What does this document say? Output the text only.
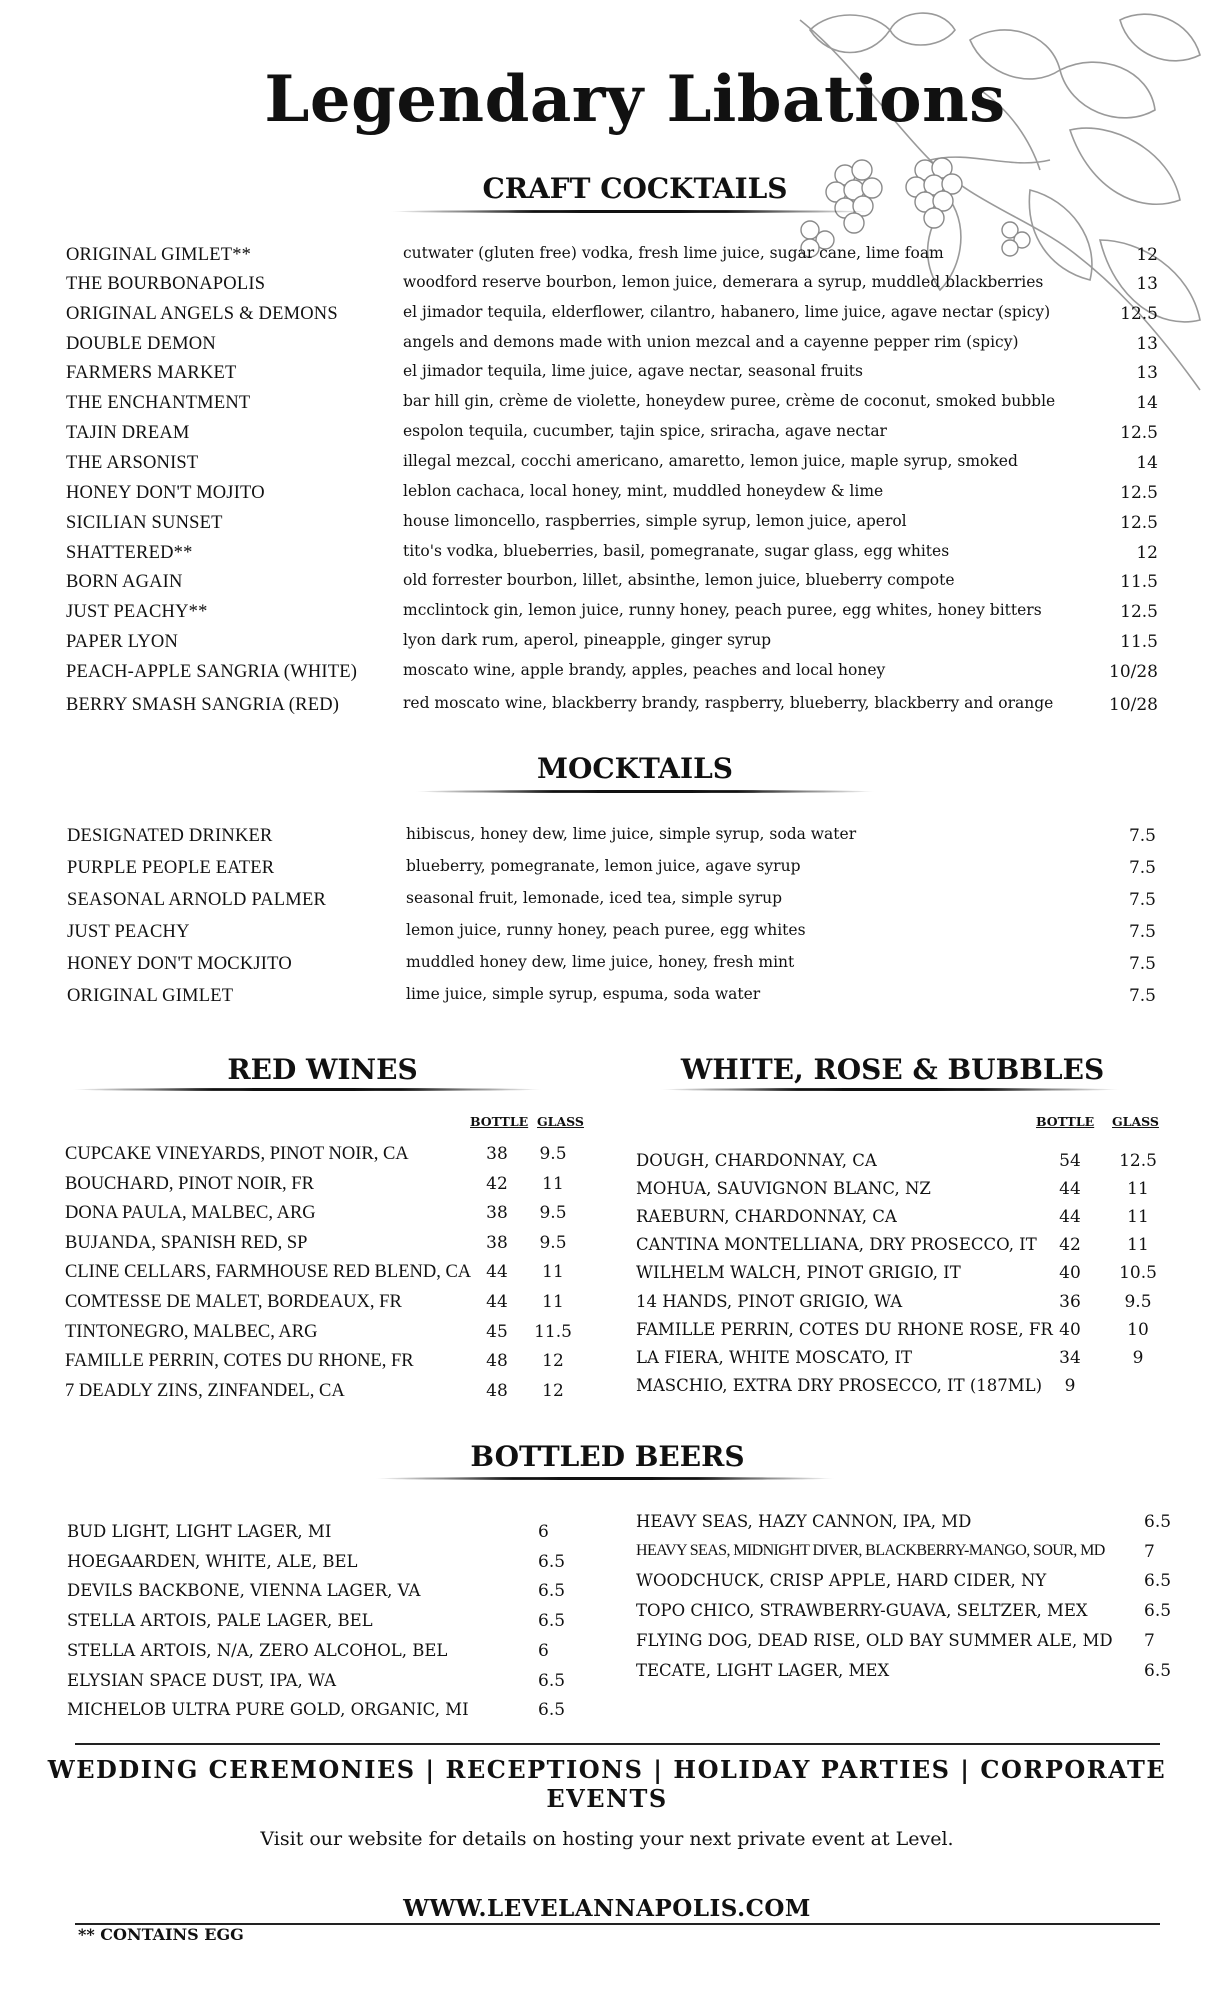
Legendary Libations
CRAFT COCKTAILS
ORIGINAL GIMLET**	cutwater (gluten free) vodka, fresh lime juice, sugar cane, lime foam	12
THE BOURBONAPOLIS	woodford reserve bourbon, lemon juice, demerara a syrup, muddled blackberries	13
ORIGINAL ANGELS & DEMONS	el jimador tequila, elderflower, cilantro, habanero, lime juice, agave nectar (spicy)	12.5
DOUBLE DEMON	angels and demons made with union mezcal and a cayenne pepper rim (spicy)	13
FARMERS MARKET	el jimador tequila, lime juice, agave nectar, seasonal fruits	13
THE ENCHANTMENT	bar hill gin, crème de violette, honeydew puree, crème de coconut, smoked bubble	14
TAJIN DREAM	espolon tequila, cucumber, tajin spice, sriracha, agave nectar	12.5
THE ARSONIST	illegal mezcal, cocchi americano, amaretto, lemon juice, maple syrup, smoked	14
HONEY DON'T MOJITO	leblon cachaca, local honey, mint, muddled honeydew & lime	12.5
SICILIAN SUNSET	house limoncello, raspberries, simple syrup, lemon juice, aperol	12.5
SHATTERED**	tito's vodka, blueberries, basil, pomegranate, sugar glass, egg whites	12
BORN AGAIN	old forrester bourbon, lillet, absinthe, lemon juice, blueberry compote	11.5
JUST PEACHY**	mcclintock gin, lemon juice, runny honey, peach puree, egg whites, honey bitters	12.5
PAPER LYON	lyon dark rum, aperol, pineapple, ginger syrup	11.5
PEACH-APPLE SANGRIA (WHITE)	moscato wine, apple brandy, apples, peaches and local honey	10/28
BERRY SMASH SANGRIA (RED)	red moscato wine, blackberry brandy, raspberry, blueberry, blackberry and orange	10/28
MOCKTAILS
DESIGNATED DRINKER	hibiscus, honey dew, lime juice, simple syrup, soda water	7.5
PURPLE PEOPLE EATER	blueberry, pomegranate, lemon juice, agave syrup	7.5
SEASONAL ARNOLD PALMER	seasonal fruit, lemonade, iced tea, simple syrup	7.5
JUST PEACHY	lemon juice, runny honey, peach puree, egg whites	7.5
HONEY DON'T MOCKJITO	muddled honey dew, lime juice, honey, fresh mint	7.5
ORIGINAL GIMLET	lime juice, simple syrup, espuma, soda water	7.5
RED WINES
BOTTLE GLASS
CUPCAKE VINEYARDS, PINOT NOIR, CA	38	9.5
BOUCHARD, PINOT NOIR, FR	42	11
DONA PAULA, MALBEC, ARG	38	9.5
BUJANDA, SPANISH RED, SP	38	9.5
CLINE CELLARS, FARMHOUSE RED BLEND, CA 44	11
COMTESSE DE MALET, BORDEAUX, FR	44	11
TINTONEGRO, MALBEC, ARG	45	11.5
FAMILLE PERRIN, COTES DU RHONE, FR	48	12
7 DEADLY ZINS, ZINFANDEL, CA	48	12
WHITE, ROSE & BUBBLES
BOTTLE GLASS
DOUGH, CHARDONNAY, CA	54	12.5
MOHUA, SAUVIGNON BLANC, NZ	44	11
RAEBURN, CHARDONNAY, CA	44	11
CANTINA MONTELLIANA, DRY PROSECCO, IT	42	11
WILHELM WALCH, PINOT GRIGIO, IT	40	10.5
14 HANDS, PINOT GRIGIO, WA	36	9.5
FAMILLE PERRIN, COTES DU RHONE ROSE, FR 40	10
LA FIERA, WHITE MOSCATO, IT	34	9
MASCHIO, EXTRA DRY PROSECCO, IT (187ML)	9
BOTTLED BEERS
BUD LIGHT, LIGHT LAGER, MI	6
HOEGAARDEN, WHITE, ALE, BEL	6.5
DEVILS BACKBONE, VIENNA LAGER, VA	6.5
STELLA ARTOIS, PALE LAGER, BEL	6.5
STELLA ARTOIS, N/A, ZERO ALCOHOL, BEL	6
ELYSIAN SPACE DUST, IPA, WA	6.5
MICHELOB ULTRA PURE GOLD, ORGANIC, MI	6.5
HEAVY SEAS, HAZY CANNON, IPA, MD	6.5
HEAVY SEAS, MIDNIGHT DIVER, BLACKBERRY-MANGO, SOUR, MD 7
WOODCHUCK, CRISP APPLE, HARD CIDER, NY	6.5
TOPO CHICO, STRAWBERRY-GUAVA, SELTZER, MEX	6.5
FLYING DOG, DEAD RISE, OLD BAY SUMMER ALE, MD 7
TECATE, LIGHT LAGER, MEX	6.5
WEDDING CEREMONIES | RECEPTIONS | HOLIDAY PARTIES | CORPORATE EVENTS
Visit our website for details on hosting your next private event at Level.
WWW.LEVELANNAPOLIS.COM
** CONTAINS EGG
